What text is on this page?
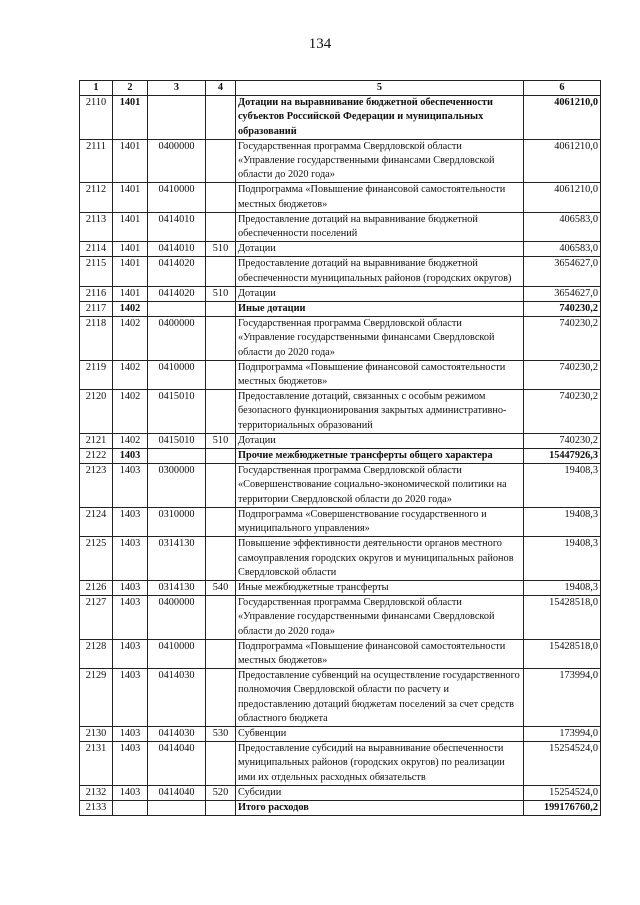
134
1	2	3	4	5	6
2110	1401			Дотации на выравнивание бюджетной обеспеченности субъектов Российской Федерации и муниципальных образований	4061210,0
2111	1401	0400000		Государственная программа Свердловской области «Управление государственными финансами Свердловской области до 2020 года»	4061210,0
2112	1401	0410000		Подпрограмма «Повышение финансовой самостоятельности местных бюджетов»	4061210,0
2113	1401	0414010		Предоставление дотаций на выравнивание бюджетной обеспеченности поселений	406583,0
2114	1401	0414010	510	Дотации	406583,0
2115	1401	0414020		Предоставление дотаций на выравнивание бюджетной обеспеченности муниципальных районов (городских округов)	3654627,0
2116	1401	0414020	510	Дотации	3654627,0
2117	1402			Иные дотации	740230,2
2118	1402	0400000		Государственная программа Свердловской области «Управление государственными финансами Свердловской области до 2020 года»	740230,2
2119	1402	0410000		Подпрограмма «Повышение финансовой самостоятельности местных бюджетов»	740230,2
2120	1402	0415010		Предоставление дотаций, связанных с особым режимом безопасного функционирования закрытых административно-территориальных образований	740230,2
2121	1402	0415010	510	Дотации	740230,2
2122	1403			Прочие межбюджетные трансферты общего характера	15447926,3
2123	1403	0300000		Государственная программа Свердловской области «Совершенствование социально-экономической политики на территории Свердловской области до 2020 года»	19408,3
2124	1403	0310000		Подпрограмма «Совершенствование государственного и муниципального управления»	19408,3
2125	1403	0314130		Повышение эффективности деятельности органов местного самоуправления городских округов и муниципальных районов Свердловской области	19408,3
2126	1403	0314130	540	Иные межбюджетные трансферты	19408,3
2127	1403	0400000		Государственная программа Свердловской области «Управление государственными финансами Свердловской области до 2020 года»	15428518,0
2128	1403	0410000		Подпрограмма «Повышение финансовой самостоятельности местных бюджетов»	15428518,0
2129	1403	0414030		Предоставление субвенций на осуществление государственного полномочия Свердловской области по расчету и предоставлению дотаций бюджетам поселений за счет средств областного бюджета	173994,0
2130	1403	0414030	530	Субвенции	173994,0
2131	1403	0414040		Предоставление субсидий на выравнивание обеспеченности муниципальных районов (городских округов) по реализации ими их отдельных расходных обязательств	15254524,0
2132	1403	0414040	520	Субсидии	15254524,0
2133				Итого расходов	199176760,2
